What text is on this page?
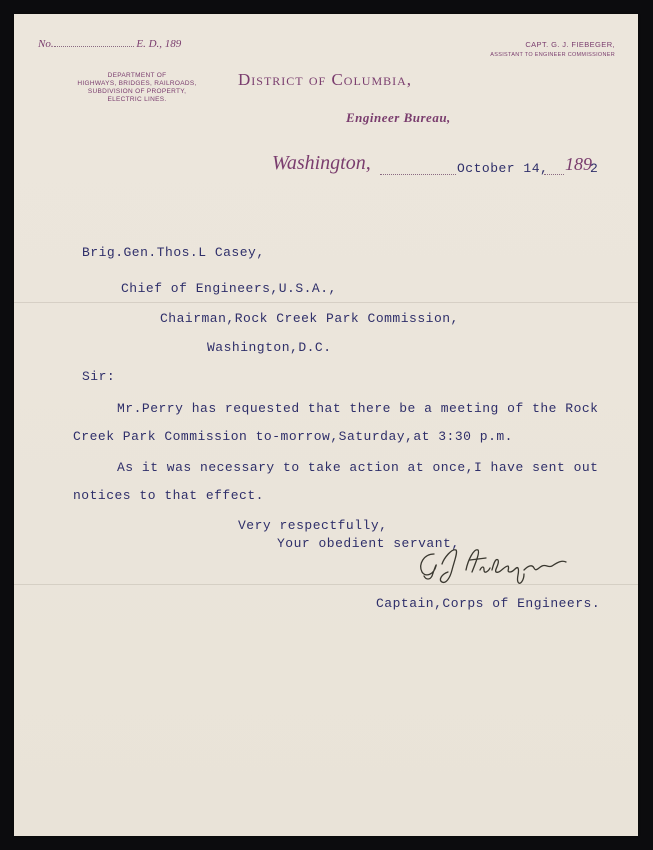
No.	E. D., 189
DEPARTMENT OF
HIGHWAYS, BRIDGES, RAILROADS,
SUBDIVISION OF PROPERTY,
ELECTRIC LINES.
District of Columbia,
Engineer Bureau,
CAPT. G. J. FIEBEGER,
ASSISTANT TO ENGINEER COMMISSIONER
Washington,	October 14, 189
2
Brig.Gen.Thos.L Casey,
Chief of Engineers,U.S.A.,
Chairman,Rock Creek Park Commission,
Washington,D.C.
Sir:
Mr.Perry has requested that there be a meeting of the Rock
Creek Park Commission to-morrow,Saturday,at 3:30 p.m.
As it was necessary to take action at once,I have sent out
notices to that effect.
Very respectfully,
Your obedient servant,
Captain,Corps of Engineers.
